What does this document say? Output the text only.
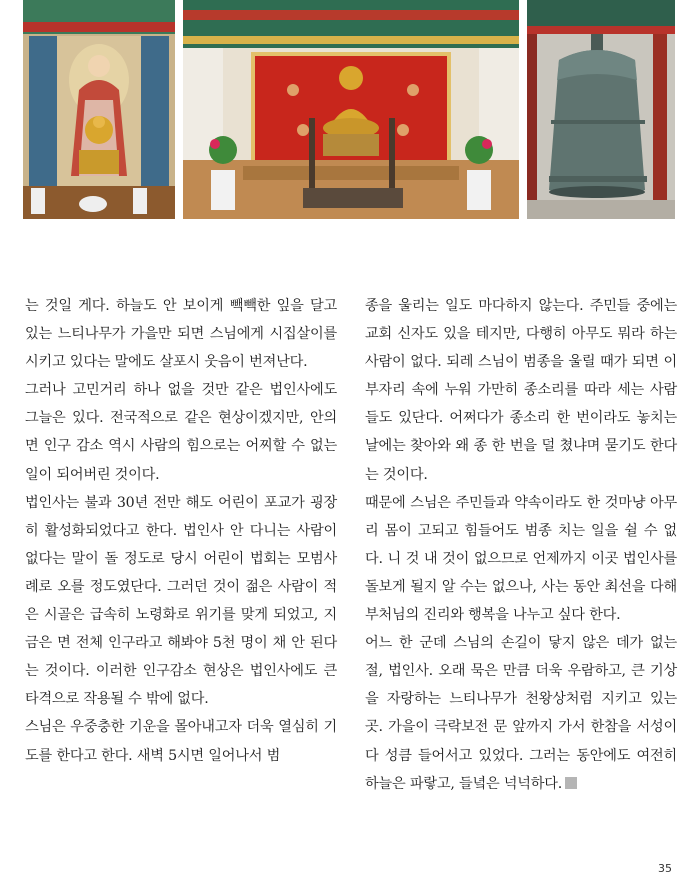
는 것일 게다. 하늘도 안 보이게 빽빽한 잎을 달고 있는 느티나무가 가을만 되면 스님에게 시집살이를 시키고 있다는 말에도 살포시 웃음이 번져난다.

그러나 고민거리 하나 없을 것만 같은 법인사에도 그늘은 있다. 전국적으로 같은 현상이겠지만, 안의면 인구 감소 역시 사람의 힘으로는 어찌할 수 없는 일이 되어버린 것이다.

법인사는 불과 30년 전만 해도 어린이 포교가 굉장히 활성화되었다고 한다. 법인사 안 다니는 사람이 없다는 말이 돌 정도로 당시 어린이 법회는 모범사례로 오를 정도였단다. 그러던 것이 젊은 사람이 적은 시골은 급속히 노령화로 위기를 맞게 되었고, 지금은 면 전체 인구라고 해봐야 5천 명이 채 안 된다는 것이다. 이러한 인구감소 현상은 법인사에도 큰 타격으로 작용될 수 밖에 없다.

스님은 우중충한 기운을 몰아내고자 더욱 열심히 기도를 한다고 한다. 새벽 5시면 일어나서 범

종을 울리는 일도 마다하지 않는다. 주민들 중에는 교회 신자도 있을 테지만, 다행히 아무도 뭐라 하는 사람이 없다. 되레 스님이 범종을 울릴 때가 되면 이부자리 속에 누워 가만히 종소리를 따라 세는 사람들도 있단다. 어쩌다가 종소리 한 번이라도 놓치는 날에는 찾아와 왜 종 한 번을 덜 쳤냐며 묻기도 한다는 것이다.

때문에 스님은 주민들과 약속이라도 한 것마냥 아무리 몸이 고되고 힘들어도 범종 치는 일을 쉴 수 없다. 니 것 내 것이 없으므로 언제까지 이곳 법인사를 돌보게 될지 알 수는 없으나, 사는 동안 최선을 다해 부처님의 진리와 행복을 나누고 싶다 한다.

어느 한 군데 스님의 손길이 닿지 않은 데가 없는 절, 법인사. 오래 묵은 만큼 더욱 우람하고, 큰 기상을 자랑하는 느티나무가 천왕상처럼 지키고 있는 곳. 가을이 극락보전 문 앞까지 가서 한참을 서성이다 성큼 들어서고 있었다. 그러는 동안에도 여전히 하늘은 파랗고, 들녘은 넉넉하다.

35
